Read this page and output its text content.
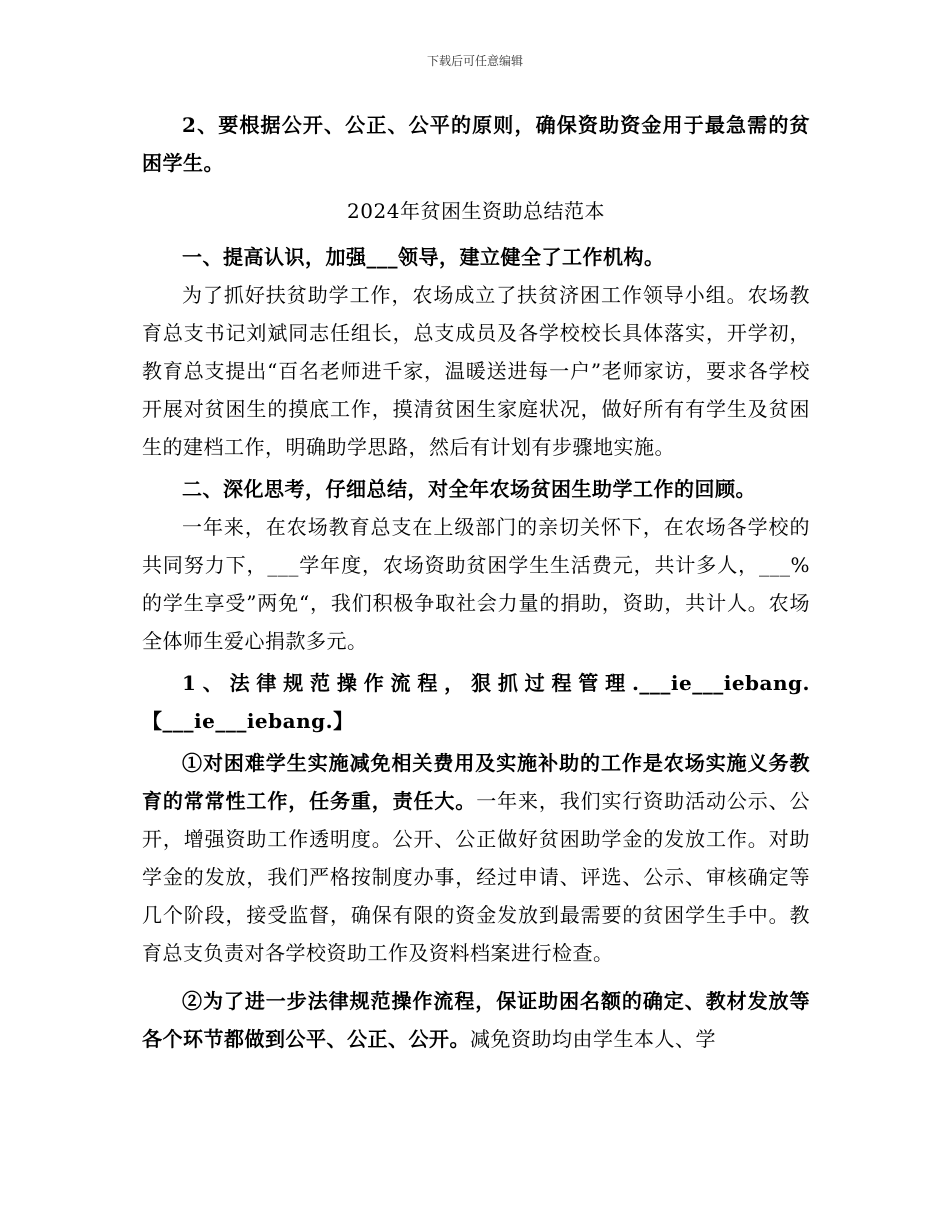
下载后可任意编辑

2、要根据公开、公正、公平的原则，确保资助资金用于最急需的贫困学生。

2024年贫困生资助总结范本

一、提高认识，加强___领导，建立健全了工作机构。

为了抓好扶贫助学工作，农场成立了扶贫济困工作领导小组。农场教育总支书记刘斌同志任组长，总支成员及各学校校长具体落实，开学初，教育总支提出“百名老师进千家，温暖送进每一户”老师家访，要求各学校开展对贫困生的摸底工作，摸清贫困生家庭状况，做好所有有学生及贫困生的建档工作，明确助学思路，然后有计划有步骤地实施。

二、深化思考，仔细总结，对全年农场贫困生助学工作的回顾。

一年来，在农场教育总支在上级部门的亲切关怀下，在农场各学校的共同努力下，___学年度，农场资助贫困学生生活费元，共计多人，___%的学生享受”两免“，我们积极争取社会力量的捐助，资助，共计人。农场全体师生爱心捐款多元。

1、法律规范操作流程，狠抓过程管理.___ie___iebang.【___ie___iebang.】

①对困难学生实施减免相关费用及实施补助的工作是农场实施义务教育的常常性工作，任务重，责任大。一年来，我们实行资助活动公示、公开，增强资助工作透明度。公开、公正做好贫困助学金的发放工作。对助学金的发放，我们严格按制度办事，经过申请、评选、公示、审核确定等几个阶段，接受监督，确保有限的资金发放到最需要的贫困学生手中。教育总支负责对各学校资助工作及资料档案进行检查。

②为了进一步法律规范操作流程，保证助困名额的确定、教材发放等各个环节都做到公平、公正、公开。减免资助均由学生本人、学
